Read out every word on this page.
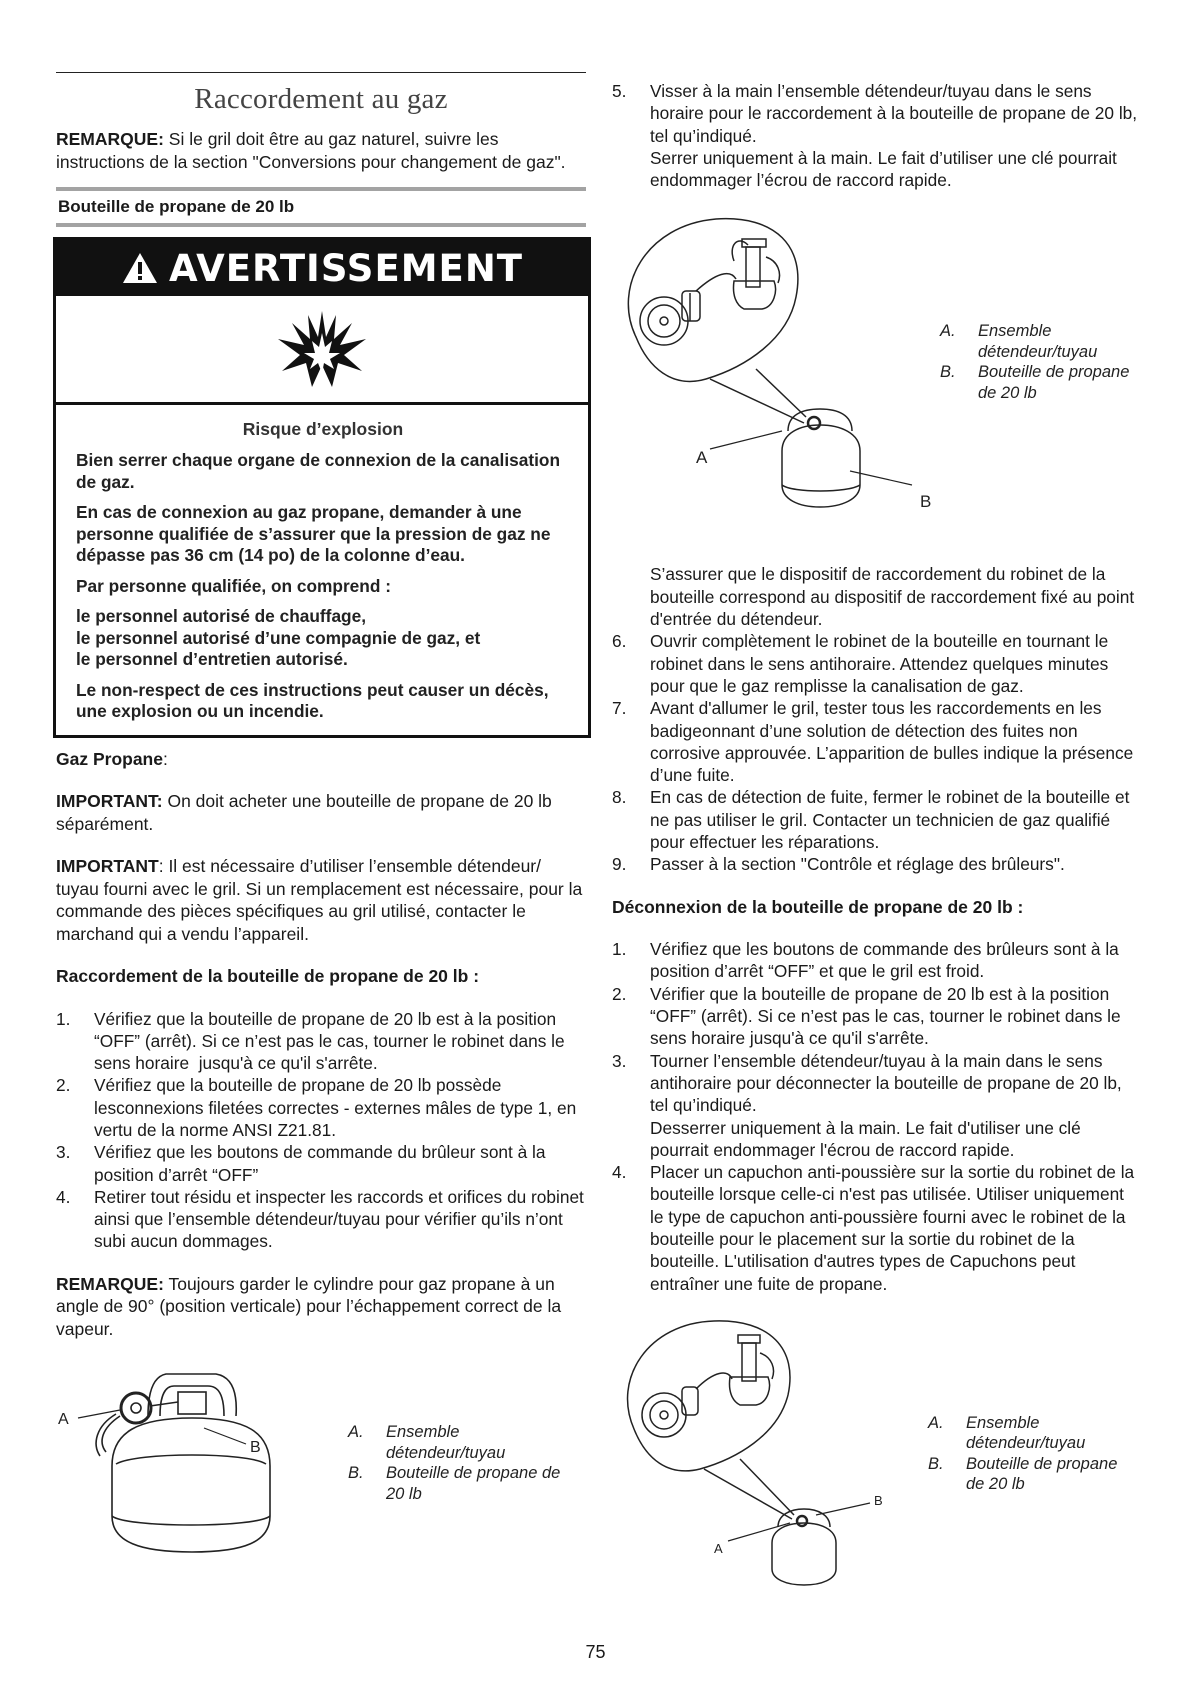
Raccordement au gaz

REMARQUE: Si le gril doit être au gaz naturel, suivre les instructions de la section "Conversions pour changement de gaz".

Bouteille de propane de 20 lb
AVERTISSEMENT
Risque d’explosion

Bien serrer chaque organe de connexion de la canalisation de gaz.

En cas de connexion au gaz propane, demander à une personne qualifiée de s’assurer que la pression de gaz ne dépasse pas 36 cm (14 po) de la colonne d’eau.

Par personne qualifiée, on comprend :

le personnel autorisé de chauffage,
le personnel autorisé d’une compagnie de gaz, et
le personnel d’entretien autorisé.

Le non-respect de ces instructions peut causer un décès, une explosion ou un incendie.

Gaz Propane:

IMPORTANT: On doit acheter une bouteille de propane de 20 lb séparément.

IMPORTANT: Il est nécessaire d’utiliser l’ensemble détendeur/ tuyau fourni avec le gril. Si un remplacement est nécessaire, pour la commande des pièces spécifiques au gril utilisé, contacter le marchand qui a vendu l’appareil.

Raccordement de la bouteille de propane de 20 lb :

1. Vérifiez que la bouteille de propane de 20 lb est à la position “OFF” (arrêt). Si ce n’est pas le cas, tourner le robinet dans le   sens horaire  jusqu'à ce qu'il s'arrête.
2. Vérifiez que la bouteille de propane de 20 lb possède lesconnexions filetées correctes - externes mâles de type 1, en vertu de la norme ANSI Z21.81.
3. Vérifiez que les boutons de commande du brûleur sont à la position d’arrêt “OFF”
4. Retirer tout résidu et inspecter les raccords et orifices du robinet ainsi que l’ensemble détendeur/tuyau pour vérifier qu’ils n’ont subi aucun dommages.

REMARQUE: Toujours garder le cylindre pour gaz propane à un angle de 90° (position verticale) pour l’échappement correct de la vapeur.

A
B
A.	Ensemble détendeur/tuyau
B.	Bouteille de propane de 20 lb
5. Visser à la main l’ensemble détendeur/tuyau dans le sens horaire pour le raccordement à la bouteille de propane de 20 lb, tel qu’indiqué.
Serrer uniquement à la main. Le fait d’utiliser une clé pourrait endommager l’écrou de raccord rapide.
A
B
A.	Ensemble détendeur/tuyau
B.	Bouteille de propane de 20 lb
S’assurer que le dispositif de raccordement du robinet de la bouteille correspond au dispositif de raccordement fixé au point d'entrée du détendeur.
6. Ouvrir complètement le robinet de la bouteille en tournant le robinet dans le sens antihoraire. Attendez quelques minutes pour que le gaz remplisse la canalisation de gaz.
7. Avant d'allumer le gril, tester tous les raccordements en les badigeonnant d’une solution de détection des fuites non corrosive approuvée. L’apparition de bulles indique la présence d’une fuite.
8. En cas de détection de fuite, fermer le robinet de la bouteille et ne pas utiliser le gril. Contacter un technicien de gaz qualifié pour effectuer les réparations.
9. Passer à la section "Contrôle et réglage des brûleurs".

Déconnexion de la bouteille de propane de 20 lb :

1. Vérifiez que les boutons de commande des brûleurs sont à la position d’arrêt “OFF” et que le gril est froid.
2. Vérifier que la bouteille de propane de 20 lb est à la position “OFF” (arrêt). Si ce n’est pas le cas, tourner le robinet dans le sens horaire jusqu'à ce qu'il s'arrête.
3. Tourner l’ensemble détendeur/tuyau à la main dans le sens antihoraire pour déconnecter la bouteille de propane de 20 lb, tel qu’indiqué.
Desserrer uniquement à la main. Le fait d'utiliser une clé pourrait endommager l'écrou de raccord rapide.
4. Placer un capuchon anti-poussière sur la sortie du robinet de la bouteille lorsque celle-ci n'est pas utilisée. Utiliser uniquement le type de capuchon anti-poussière fourni avec le robinet de la bouteille pour le placement sur la sortie du robinet de la bouteille. L'utilisation d'autres types de Capuchons peut entraîner une fuite de propane.
A
B
A.	Ensemble détendeur/tuyau
B.	Bouteille de propane de 20 lb
75
